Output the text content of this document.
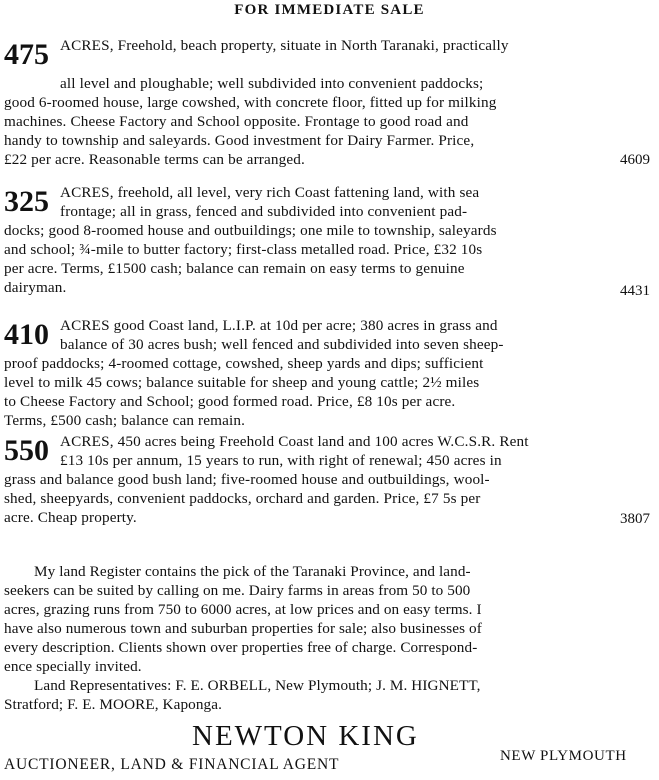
FOR IMMEDIATE SALE
475 ACRES, Freehold, beach property, situate in North Taranaki, practically
all level and ploughable; well subdivided into convenient paddocks;
good 6-roomed house, large cowshed, with concrete floor, fitted up for milking
machines. Cheese Factory and School opposite. Frontage to good road and
handy to township and saleyards. Good investment for Dairy Farmer. Price,
£22 per acre. Reasonable terms can be arranged.	4609
325 ACRES, freehold, all level, very rich Coast fattening land, with sea
frontage; all in grass, fenced and subdivided into convenient pad-
docks; good 8-roomed house and outbuildings; one mile to township, saleyards
and school; ¾-mile to butter factory; first-class metalled road. Price, £32 10s
per acre. Terms, £1500 cash; balance can remain on easy terms to genuine
dairyman.	4431
410 ACRES good Coast land, L.I.P. at 10d per acre; 380 acres in grass and
balance of 30 acres bush; well fenced and subdivided into seven sheep-
proof paddocks; 4-roomed cottage, cowshed, sheep yards and dips; sufficient
level to milk 45 cows; balance suitable for sheep and young cattle; 2½ miles
to Cheese Factory and School; good formed road. Price, £8 10s per acre.
Terms, £500 cash; balance can remain.
550 ACRES, 450 acres being Freehold Coast land and 100 acres W.C.S.R. Rent
£13 10s per annum, 15 years to run, with right of renewal; 450 acres in
grass and balance good bush land; five-roomed house and outbuildings, wool-
shed, sheepyards, convenient paddocks, orchard and garden. Price, £7 5s per
acre. Cheap property.	3807
My land Register contains the pick of the Taranaki Province, and land-
seekers can be suited by calling on me. Dairy farms in areas from 50 to 500
acres, grazing runs from 750 to 6000 acres, at low prices and on easy terms. I
have also numerous town and suburban properties for sale; also businesses of
every description. Clients shown over properties free of charge. Correspond-
ence specially invited.
Land Representatives: F. E. ORBELL, New Plymouth; J. M. HIGNETT,
Stratford; F. E. MOORE, Kaponga.
NEWTON KING
NEW PLYMOUTH
AUCTIONEER, LAND & FINANCIAL AGENT
